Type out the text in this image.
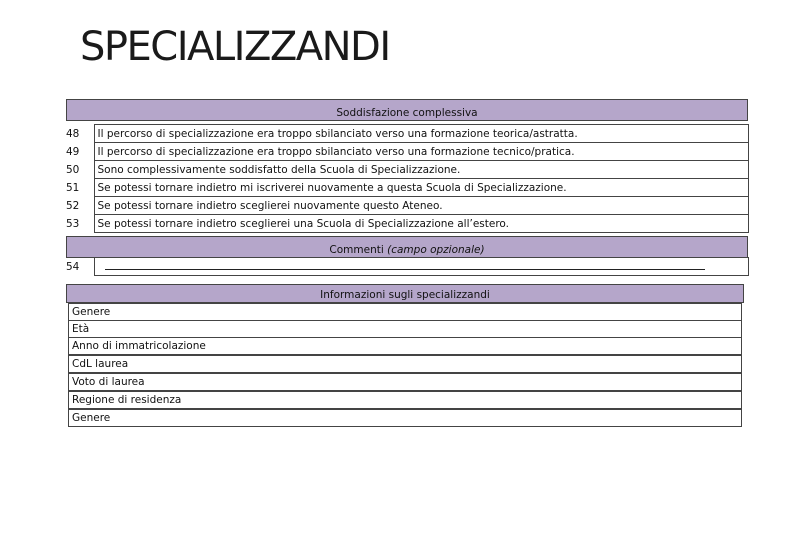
SPECIALIZZANDI
Soddisfazione complessiva
48	Il percorso di specializzazione era troppo sbilanciato verso una formazione teorica/astratta.
49	Il percorso di specializzazione era troppo sbilanciato verso una formazione tecnico/pratica.
50	Sono complessivamente soddisfatto della Scuola di Specializzazione.
51	Se potessi tornare indietro mi iscriverei nuovamente a questa Scuola di Specializzazione.
52	Se potessi tornare indietro sceglierei nuovamente questo Ateneo.
53	Se potessi tornare indietro sceglierei una Scuola di Specializzazione all’estero.
Commenti (campo opzionale)
54	
Informazioni sugli specializzandi
Genere
Età
Anno di immatricolazione
CdL laurea
Voto di laurea
Regione di residenza
Genere
